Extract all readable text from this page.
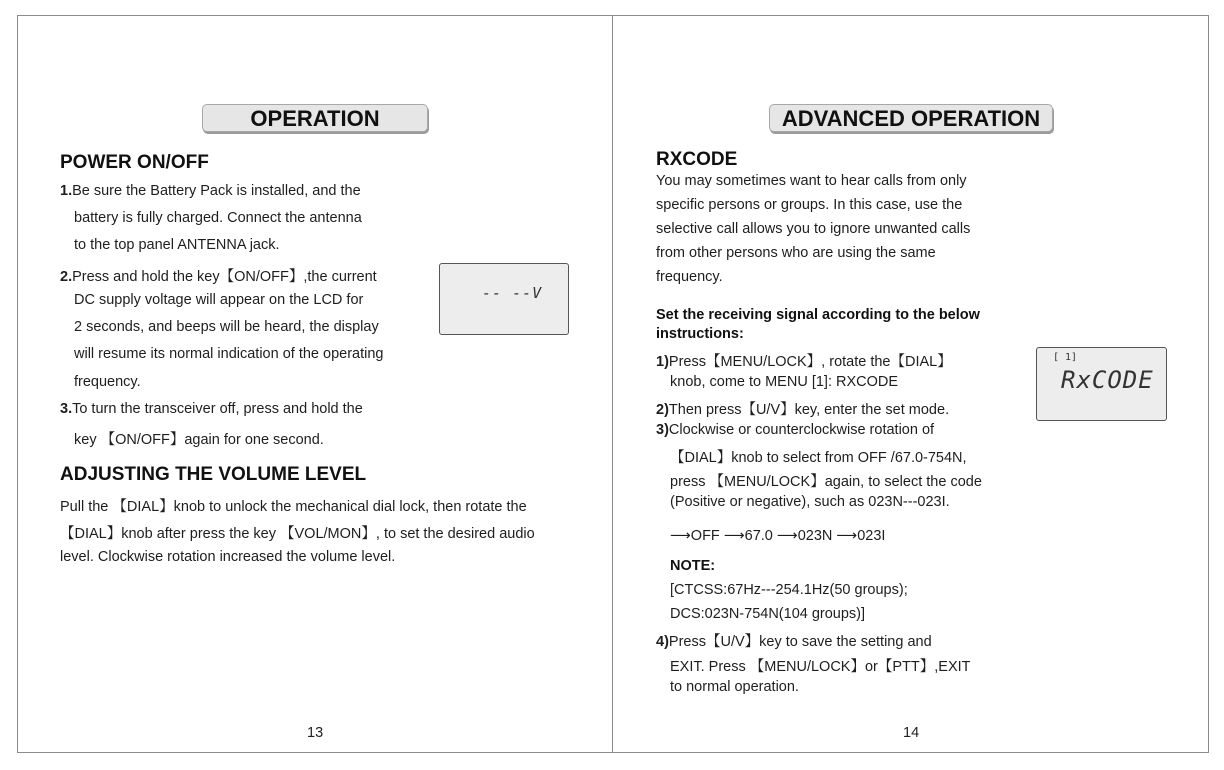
OPERATION
POWER ON/OFF
1.Be sure the Battery Pack is installed, and the
battery is fully charged. Connect the antenna
to the top panel ANTENNA jack.
2.Press and hold the key【ON/OFF】,the current
DC supply voltage will appear on the LCD for
2 seconds, and beeps will be heard, the display
will resume its normal indication of the operating
frequency.
3.To turn the transceiver off, press and hold the
key 【ON/OFF】again for one second.
-- --V
ADJUSTING THE VOLUME LEVEL
Pull the 【DIAL】knob to unlock the mechanical dial lock, then rotate the
【DIAL】knob after press the key 【VOL/MON】, to set the desired audio
level. Clockwise rotation increased the volume level.
13
ADVANCED OPERATION
RXCODE
You may sometimes want to hear calls from only
specific persons or groups. In this case, use the
selective call allows you to ignore unwanted calls
from other persons who are using the same
frequency.
Set the receiving signal according to the below
instructions:
1)Press【MENU/LOCK】, rotate the【DIAL】
knob, come to MENU [1]: RXCODE
2)Then press【U/V】key, enter the set mode.
3)Clockwise or counterclockwise rotation of
【DIAL】knob to select from OFF /67.0-754N,
press 【MENU/LOCK】again, to select the code
(Positive or negative), such as 023N---023I.
⟶OFF ⟶67.0 ⟶023N ⟶023I
NOTE:
[CTCSS:67Hz---254.1Hz(50 groups);
DCS:023N-754N(104 groups)]
4)Press【U/V】key to save the setting and
EXIT. Press 【MENU/LOCK】or【PTT】,EXIT
to normal operation.
[ 1]
RxCODE
14
